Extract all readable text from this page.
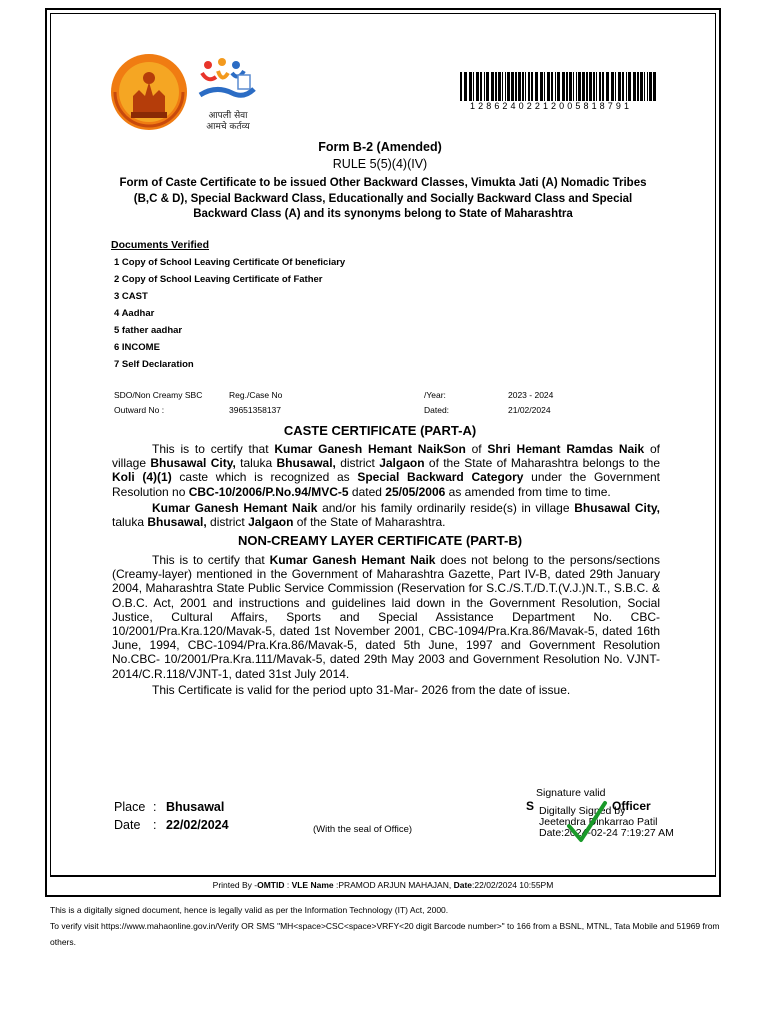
आपली सेवा
आमचे कर्तव्य
12862402212005818791
Form B-2 (Amended)
RULE 5(5)(4)(IV)
Form of Caste Certificate to be issued Other Backward Classes, Vimukta Jati (A) Nomadic Tribes (B,C & D), Special Backward Class, Educationally and Socially Backward Class and Special Backward Class (A) and its synonyms belong to State of Maharashtra
Documents Verified
1 Copy of School Leaving Certificate Of beneficiary
2 Copy of School Leaving Certificate of Father
3 CAST
4 Aadhar
5 father aadhar
6 INCOME
7 Self Declaration
SDO/Non Creamy SBC	Reg./Case No	/Year:	2023 - 2024
Outward No :	39651358137	Dated:	21/02/2024
CASTE CERTIFICATE (PART-A)
This is to certify that Kumar Ganesh Hemant NaikSon of Shri Hemant Ramdas Naik of village Bhusawal City, taluka Bhusawal, district Jalgaon of the State of Maharashtra belongs to the Koli (4)(1) caste which is recognized as Special Backward Category under the Government Resolution no CBC-10/2006/P.No.94/MVC-5 dated 25/05/2006 as amended from time to time.
Kumar Ganesh Hemant Naik and/or his family ordinarily reside(s) in village Bhusawal City, taluka Bhusawal, district Jalgaon of the State of Maharashtra.
NON-CREAMY LAYER CERTIFICATE (PART-B)
This is to certify that Kumar Ganesh Hemant Naik does not belong to the persons/sections (Creamy-layer) mentioned in the Government of Maharashtra Gazette, Part IV-B, dated 29th January 2004, Maharashtra State Public Service Commission (Reservation for S.C./S.T./D.T.(V.J.)N.T., S.B.C. & O.B.C. Act, 2001 and instructions and guidelines laid down in the Government Resolution, Social Justice, Cultural Affairs, Sports and Special Assistance Department No. CBC-10/2001/Pra.Kra.120/Mavak-5, dated 1st November 2001, CBC-1094/Pra.Kra.86/Mavak-5, dated 16th June, 1994, CBC-1094/Pra.Kra.86/Mavak-5, dated 5th June, 1997 and Government Resolution No.CBC- 10/2001/Pra.Kra.111/Mavak-5, dated 29th May 2003 and Government Resolution No. VJNT-2014/C.R.118/VJNT-1, dated 31st July 2014.
This Certificate is valid for the period upto 31-Mar- 2026 from the date of issue.
Place : Bhusawal
Date : 22/02/2024	(With the seal of Office)
Signature valid
S	Officer
Digitally Signed by
Jeetendra Dinkarrao Patil
Date:2024-02-24 7:19:27 AM
Printed By -OMTID : VLE Name :PRAMOD ARJUN MAHAJAN, Date:22/02/2024 10:55PM
This is a digitally signed document, hence is legally valid as per the Information Technology (IT) Act, 2000.
To verify visit https://www.mahaonline.gov.in/Verify OR SMS "MH<space>CSC<space>VRFY<20 digit Barcode number>" to 166 from a BSNL, MTNL, Tata Mobile and 51969 from others.
